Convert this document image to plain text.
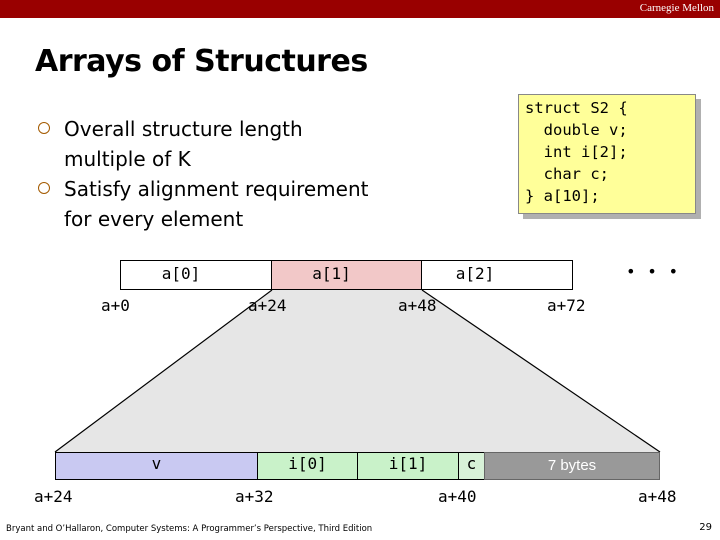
Carnegie Mellon
Arrays of Structures
Overall structure length
multiple of K
Satisfy alignment requirement
for every element
struct S2 {
double v;
int i[2];
char c;
} a[10];
a[0]	a[1]	a[2]	• • •
a+0	a+24	a+48	a+72
v	i[0]	i[1] c	7 bytes
a+24	a+32	a+40	a+48
Bryant and O’Hallaron, Computer Systems: A Programmer’s Perspective, Third Edition	29
